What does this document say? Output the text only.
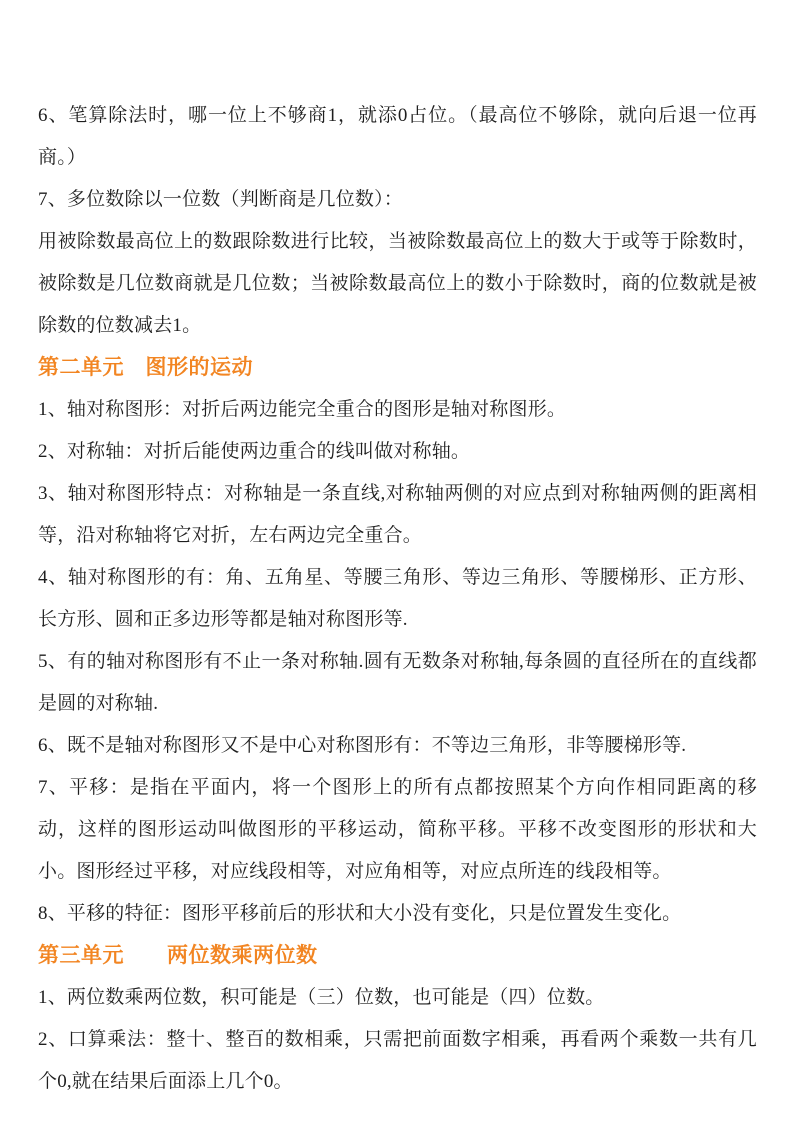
6、笔算除法时，哪一位上不够商1，就添0占位。（最高位不够除，就向后退一位再商。）

7、多位数除以一位数（判断商是几位数）：

用被除数最高位上的数跟除数进行比较，当被除数最高位上的数大于或等于除数时，被除数是几位数商就是几位数；当被除数最高位上的数小于除数时，商的位数就是被除数的位数减去1。

第二单元　图形的运动

1、轴对称图形：对折后两边能完全重合的图形是轴对称图形。

2、对称轴：对折后能使两边重合的线叫做对称轴。

3、轴对称图形特点：对称轴是一条直线,对称轴两侧的对应点到对称轴两侧的距离相等，沿对称轴将它对折，左右两边完全重合。

4、轴对称图形的有：角、五角星、等腰三角形、等边三角形、等腰梯形、正方形、长方形、圆和正多边形等都是轴对称图形等.

5、有的轴对称图形有不止一条对称轴.圆有无数条对称轴,每条圆的直径所在的直线都是圆的对称轴.

6、既不是轴对称图形又不是中心对称图形有：不等边三角形，非等腰梯形等.

7、平移：是指在平面内，将一个图形上的所有点都按照某个方向作相同距离的移动，这样的图形运动叫做图形的平移运动，简称平移。平移不改变图形的形状和大小。图形经过平移，对应线段相等，对应角相等，对应点所连的线段相等。

8、平移的特征：图形平移前后的形状和大小没有变化，只是位置发生变化。

第三单元　　两位数乘两位数

1、两位数乘两位数，积可能是（三）位数，也可能是（四）位数。

2、口算乘法：整十、整百的数相乘，只需把前面数字相乘，再看两个乘数一共有几个0,就在结果后面添上几个0。
